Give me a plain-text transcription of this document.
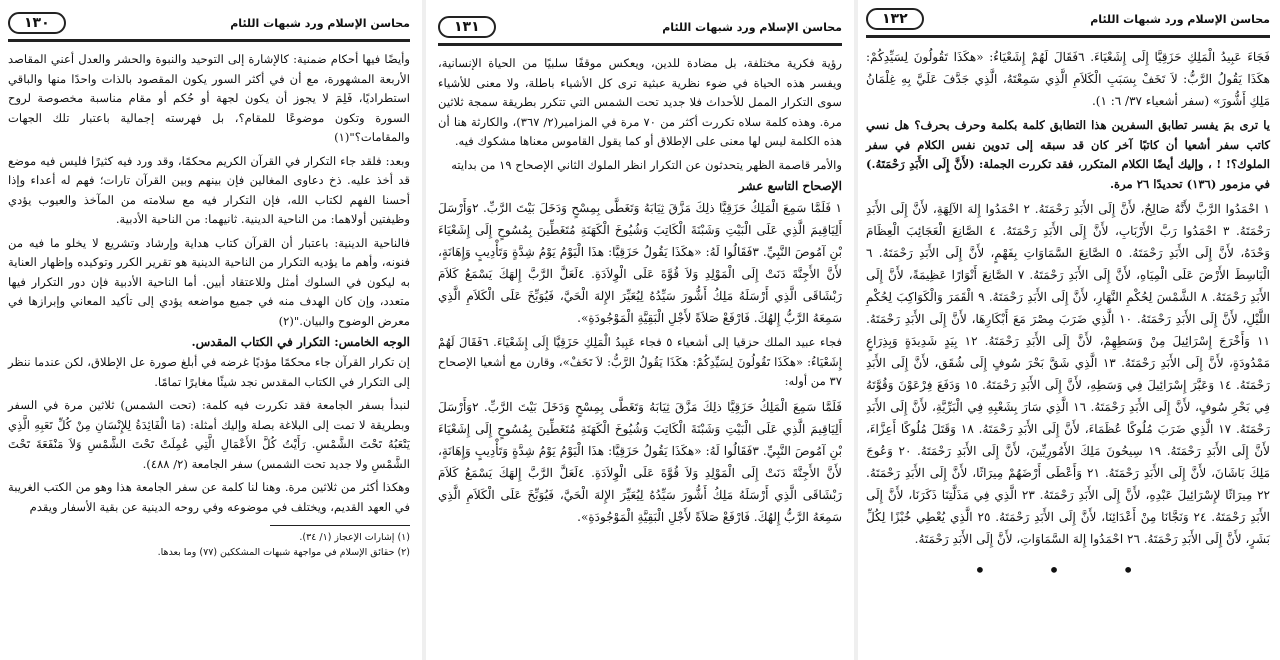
محاسن الإسلام ورد شبهات اللئام
١٣٠

وأيضًا فيها أحكام ضمنية: كالإشارة إلى التوحيد والنبوة والحشر والعدل أعني المقاصد الأربعة المشهورة، مع أن في أكثر السور يكون المقصود بالذات واحدًا منها والباقي استطراديًا، فَلِمَ لا يجوز أن يكون لجهة أو حُكم أو مقام مناسبة مخصوصة لروح السورة وتكون موضوعًا للمقام؟، بل فهرسته إجمالية باعتبار تلك الجهات والمقامات؟"(١)

وبعد: فلقد جاء التكرار في القرآن الكريم محكمًا، وقد ورد فيه كثيرًا فليس فيه موضع قد أخذ عليه. ذخ دعاوى المغالين فإن بينهم وبين القرآن تارات؛ فهم له أعداء وإذا أحسنا الفهم لكتاب الله، فإن التكرار فيه مع سلامته من المآخذ والعيوب يؤدي وظيفتين أولاهما: من الناحية الدينية. ثانيهما: من الناحية الأدبية.

فالناحية الدينية: باعتبار أن القرآن كتاب هداية وإرشاد وتشريع لا يخلو ما فيه من فنونه، وأهم ما يؤديه التكرار من الناحية الدينية هو تقرير الكرر وتوكيده وإظهار العناية به ليكون في السلوك أمثل وللاعتقاد أبين. أما الناحية الأدبية فإن دور التكرار فيها متعدد، وإن كان الهدف منه في جميع مواضعه يؤدي إلى تأكيد المعاني وإبرازها في معرض الوضوح والبيان."(٢)

الوجه الخامس: التكرار في الكتاب المقدس.

إن تكرار القرآن جاء محكمًا مؤديًا غرضه في أبلغ صورة عل الإطلاق، لكن عندما ننظر إلى التكرار في الكتاب المقدس نجد شيئًا مغايرًا تمامًا.

لنبدأ بسفر الجامعة فقد تكررت فيه كلمة: (تحت الشمس) ثلاثين مرة في السفر وبطريقة لا تمت إلى البلاغة بصلة وإليك أمثلة: (مَا الْفَائِدَةُ لِلإِنْسَانِ مِنْ كُلِّ تَعَبِهِ الَّذِي يَتْعَبُهُ تَحْتَ الشَّمْسِ. رَأَيْتُ كُلَّ الأَعْمَالِ الَّتِي عُمِلَتْ تَحْتَ الشَّمْسِ وَلاَ مَنْفَعَةَ تَحْتَ الشَّمْسِ ولا جديد تحت الشمس) سفر الجامعة (٢/ ٤٨٨).

وهكذا أكثر من ثلاثين مرة. وهنا لنا كلمة عن سفر الجامعة هذا وهو من الكتب الغريبة في العهد القديم، ويختلف في موضوعه وفي روحه الدينية عن بقية الأسفار ويقدم

(١) إشارات الإعجاز (١/ ٣٤).

(٢) حقائق الإسلام في مواجهة شبهات المشككين (٧٧) وما بعدها.

محاسن الإسلام ورد شبهات اللئام
١٣١

رؤية فكرية مختلفة، بل مضادة للدين، ويعكس موقفًا سلبيًا من الحياة الإنسانية، ويفسر هذه الحياة في ضوء نظرية عبثية ترى كل الأشياء باطلة، ولا معنى للأشياء سوى التكرار الممل للأحداث فلا جديد تحت الشمس التي تتكرر بطريقة سمجة ثلاثين مرة. وهذه كلمة سلاه تكررت أكثر من ٧٠ مرة في المزامير(٢/ ٣٦٧)، والكارثة هنا أن هذه الكلمة ليس لها معنى على الإطلاق أو كما يقول القاموس معناها مشكوك فيه.

والأمر قاصمة الظهر يتحدثون عن التكرار انظر الملوك الثاني الإصحاح ١٩ من بدايته

الإصحاح التاسع عشر

١ فَلَمَّا سَمِعَ الْمَلِكُ حَزَقِيَّا ذلِكَ مَزَّقَ ثِيَابَهُ وَتَغَطَّى بِمِسْحٍ وَدَخَلَ بَيْتَ الرَّبِّ. ٢وَأَرْسَلَ أَلِيَاقِيمَ الَّذِي عَلَى الْبَيْتِ وَشَبْنَةَ الْكَاتِبَ وَشُيُوخَ الْكَهَنَةِ مُتَغَطِّينَ بِمُسُوحٍ إِلَى إِشَعْيَاءَ بْنِ آمُوصَ النَّبِيِّ. ٣فَقَالُوا لَهُ: «هكَذَا يَقُولُ حَزَقِيَّا: هذَا الْيَوْمُ يَوْمُ شِدَّةٍ وَتَأْدِيبٍ وَإِهَانَةٍ، لأَنَّ الأَجِنَّةَ دَنَتْ إِلَى الْمَوْلِدِ وَلاَ قُوَّةَ عَلَى الْوِلاَدَةِ. ٤لَعَلَّ الرَّبَّ إِلهَكَ يَسْمَعُ كَلاَمَ رَبْشَاقَى الَّذِي أَرْسَلَهُ مَلِكُ أَشُّورَ سَيِّدُهُ لِيُعَيِّرَ الإِلهَ الْحَيَّ، فَيُوَبِّخَ عَلَى الْكَلاَمِ الَّذِي سَمِعَهُ الرَّبُّ إِلهُكَ. فَارْفَعْ صَلاَةً لأَجْلِ الْبَقِيَّةِ الْمَوْجُودَةِ».

فجاء عبيد الملك حزقيا إلى أشعياء ٥ فجاء عَبِيدُ الْمَلِكِ حَزَقِيَّا إِلَى إِشَعْيَاءَ. ٦فَقَالَ لَهُمْ إِشَعْيَاءُ: «هكَذَا تَقُولُونَ لِسَيِّدِكُمْ: هكَذَا يَقُولُ الرَّبُّ: لاَ تَخَفْ»، وقارن مع أشعيا الإصحاح ٣٧ من أوله:

فَلَمَّا سَمِعَ الْمَلِكُ حَزَقِيَّا ذلِكَ مَزَّقَ ثِيَابَهُ وَتَغَطَّى بِمِسْحٍ وَدَخَلَ بَيْتَ الرَّبِّ. ٢وَأَرْسَلَ أَلِيَاقِيمَ الَّذِي عَلَى الْبَيْتِ وَشَبْنَةَ الْكَاتِبَ وَشُيُوخَ الْكَهَنَةِ مُتَغَطِّينَ بِمُسُوحٍ إِلَى إِشَعْيَاءَ بْنِ آمُوصَ النَّبِيِّ. ٣فَقَالُوا لَهُ: «هكَذَا يَقُولُ حَزَقِيَّا: هذَا الْيَوْمُ يَوْمُ شِدَّةٍ وَتَأْدِيبٍ وَإِهَانَةٍ، لأَنَّ الأَجِنَّةَ دَنَتْ إِلَى الْمَوْلِدِ وَلاَ قُوَّةَ عَلَى الْوِلاَدَةِ. ٤لَعَلَّ الرَّبَّ إِلهَكَ يَسْمَعُ كَلاَمَ رَبْشَاقَى الَّذِي أَرْسَلَهُ مَلِكُ أَشُّورَ سَيِّدُهُ لِيُعَيِّرَ الإِلهَ الْحَيَّ، فَيُوَبِّخَ عَلَى الْكَلاَمِ الَّذِي سَمِعَهُ الرَّبُّ إِلهُكَ. فَارْفَعْ صَلاَةً لأَجْلِ الْبَقِيَّةِ الْمَوْجُودَةِ».

محاسن الإسلام ورد شبهات اللئام
١٣٢

فَجَاءَ عَبِيدُ الْمَلِكِ حَزَقِيَّا إِلَى إِشَعْيَاءَ. ٦فَقَالَ لَهُمْ إِشَعْيَاءُ: «هكَذَا تَقُولُونَ لِسَيِّدِكُمْ: هكَذَا يَقُولُ الرَّبُّ: لاَ تَخَفْ بِسَبَبِ الْكَلاَمِ الَّذِي سَمِعْتَهُ، الَّذِي جَدَّفَ عَلَيَّ بِهِ غِلْمَانُ مَلِكِ أَشُّورَ» (سفر أشعياء ٣٧/ ٦: ١).

يا ترى بمَ يفسر تطابق السفرين هذا التطابق كلمة بكلمة وحرف بحرف؟ هل نسي كاتب سفر أشعيا أن كاتبًا آخر كان قد سبقه إلى تدوين نفس الكلام في سفر الملوك؟! ! ، وإليك أيضًا الكلام المتكرر، فقد تكررت الجملة: (لأَنَّ إِلَى الأَبَدِ رَحْمَتَهُ.) في مزمور (١٣٦) تحديدًا ٢٦ مرة.

١ احْمَدُوا الرَّبَّ لأَنَّهُ صَالِحٌ، لأَنَّ إِلَى الأَبَدِ رَحْمَتَهُ. ٢ احْمَدُوا إِلهَ الآلِهَةِ، لأَنَّ إِلَى الأَبَدِ رَحْمَتَهُ. ٣ احْمَدُوا رَبَّ الأَرْبَابِ، لأَنَّ إِلَى الأَبَدِ رَحْمَتَهُ. ٤ الصَّانِعَ الْعَجَائِبَ الْعِظَامَ وَحْدَهُ، لأَنَّ إِلَى الأَبَدِ رَحْمَتَهُ. ٥ الصَّانِعَ السَّمَاوَاتِ بِفَهْمٍ، لأَنَّ إِلَى الأَبَدِ رَحْمَتَهُ. ٦ الْبَاسِطَ الأَرْضَ عَلَى الْمِيَاهِ، لأَنَّ إِلَى الأَبَدِ رَحْمَتَهُ. ٧ الصَّانِعَ أَنْوَارًا عَظِيمَةً، لأَنَّ إِلَى الأَبَدِ رَحْمَتَهُ. ٨ الشَّمْسَ لِحُكْمِ النَّهَارِ، لأَنَّ إِلَى الأَبَدِ رَحْمَتَهُ. ٩ الْقَمَرَ وَالْكَوَاكِبَ لِحُكْمِ اللَّيْلِ، لأَنَّ إِلَى الأَبَدِ رَحْمَتَهُ. ١٠ الَّذِي ضَرَبَ مِصْرَ مَعَ أَبْكَارِهَا، لأَنَّ إِلَى الأَبَدِ رَحْمَتَهُ. ١١ وَأَخْرَجَ إِسْرَائِيلَ مِنْ وَسَطِهِمْ، لأَنَّ إِلَى الأَبَدِ رَحْمَتَهُ. ١٢ بِيَدٍ شَدِيدَةٍ وَبِذِرَاعٍ مَمْدُودَةٍ، لأَنَّ إِلَى الأَبَدِ رَحْمَتَهُ. ١٣ الَّذِي شَقَّ بَحْرَ سُوفٍ إِلَى شُقَق، لأَنَّ إِلَى الأَبَدِ رَحْمَتَهُ. ١٤ وَعَبَّرَ إِسْرَائِيلَ فِي وَسَطِهِ، لأَنَّ إِلَى الأَبَدِ رَحْمَتَهُ. ١٥ وَدَفَعَ فِرْعَوْنَ وَقُوَّتَهُ فِي بَحْرِ سُوفٍ، لأَنَّ إِلَى الأَبَدِ رَحْمَتَهُ. ١٦ الَّذِي سَارَ بِشَعْبِهِ فِي الْبَرِّيَّةِ، لأَنَّ إِلَى الأَبَدِ رَحْمَتَهُ. ١٧ الَّذِي ضَرَبَ مُلُوكًا عُظَمَاءَ، لأَنَّ إِلَى الأَبَدِ رَحْمَتَهُ. ١٨ وَقَتَلَ مُلُوكًا أَعِزَّاءَ، لأَنَّ إِلَى الأَبَدِ رَحْمَتَهُ. ١٩ سِيحُونَ مَلِكَ الأَمُورِيِّينَ، لأَنَّ إِلَى الأَبَدِ رَحْمَتَهُ. ٢٠ وَعُوجَ مَلِكَ بَاشَانَ، لأَنَّ إِلَى الأَبَدِ رَحْمَتَهُ. ٢١ وَأَعْطَى أَرْضَهُمْ مِيرَاثًا، لأَنَّ إِلَى الأَبَدِ رَحْمَتَهُ. ٢٢ مِيرَاثًا لإِسْرَائِيلَ عَبْدِهِ، لأَنَّ إِلَى الأَبَدِ رَحْمَتَهُ. ٢٣ الَّذِي فِي مَذَلَّتِنَا ذَكَرَنَا، لأَنَّ إِلَى الأَبَدِ رَحْمَتَهُ. ٢٤ وَنَجَّانَا مِنْ أَعْدَائِنَا، لأَنَّ إِلَى الأَبَدِ رَحْمَتَهُ. ٢٥ الَّذِي يُعْطِي خُبْزًا لِكُلِّ بَشَرٍ، لأَنَّ إِلَى الأَبَدِ رَحْمَتَهُ. ٢٦ احْمَدُوا إِلهَ السَّمَاوَاتِ، لأَنَّ إِلَى الأَبَدِ رَحْمَتَهُ.

• • •
